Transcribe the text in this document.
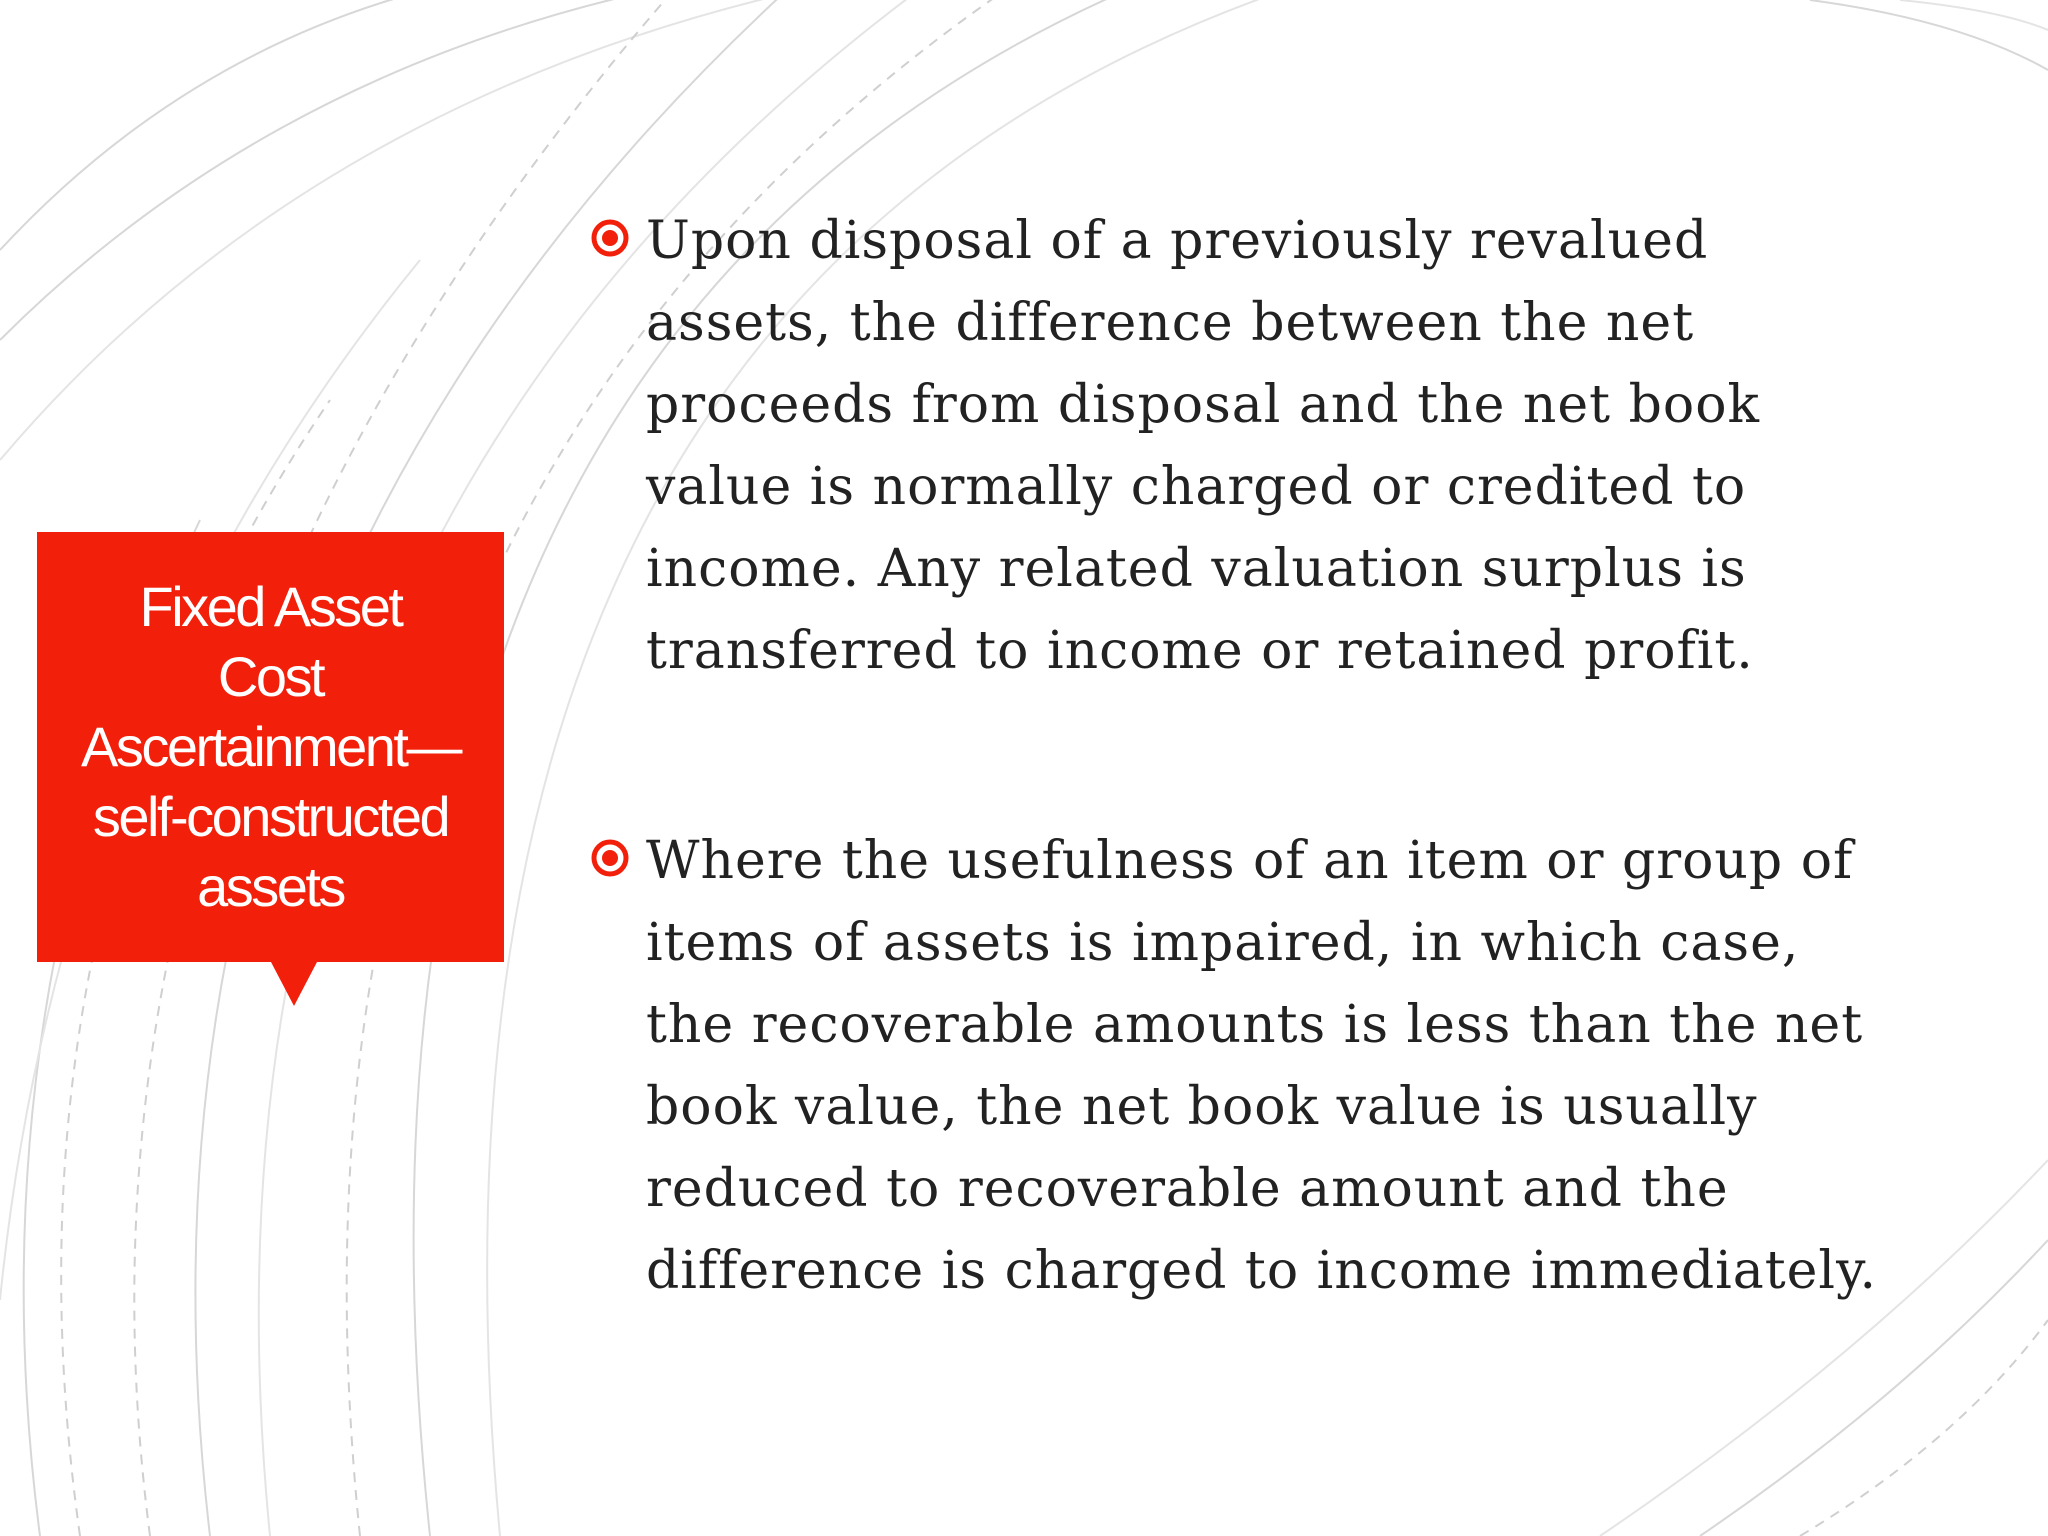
Fixed Asset
Cost
Ascertainment—
self-constructed
assets
Upon disposal of a previously revalued
assets, the difference between the net
proceeds from disposal and the net book
value is normally charged or credited to
income. Any related valuation surplus is
transferred to income or retained profit.
Where the usefulness of an item or group of
items of assets is impaired, in which case,
the recoverable amounts is less than the net
book value, the net book value is usually
reduced to recoverable amount and the
difference is charged to income immediately.
